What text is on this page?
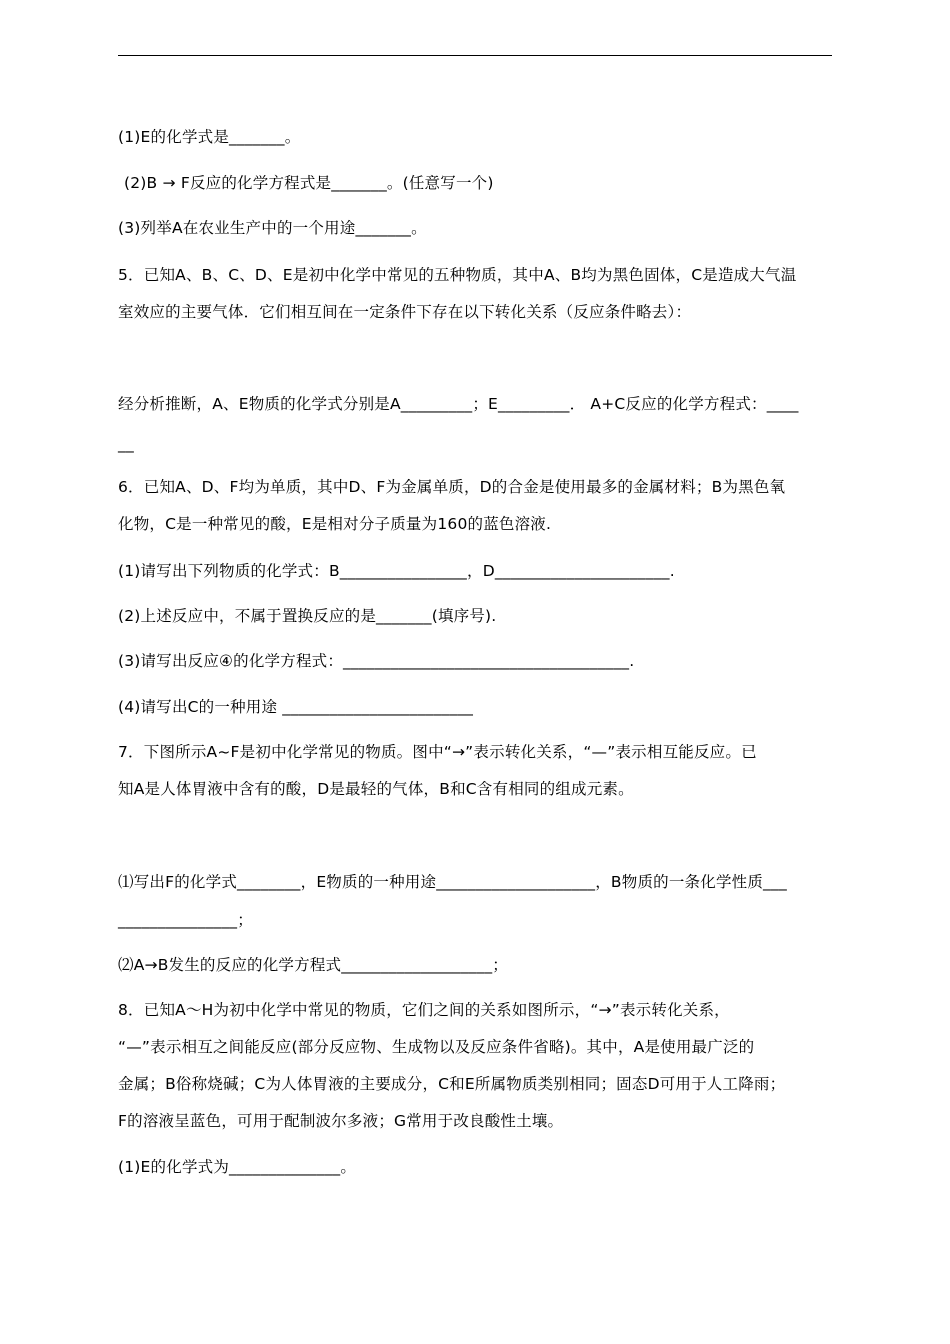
(1)E的化学式是_______。
(2)B → F反应的化学方程式是_______。(任意写一个)
(3)列举A在农业生产中的一个用途_______。
5．已知A、B、C、D、E是初中化学中常见的五种物质，其中A、B均为黑色固体，C是造成大气温
室效应的主要气体．它们相互间在一定条件下存在以下转化关系（反应条件略去）：
经分析推断，A、E物质的化学式分别是A_________；E_________． A+C反应的化学方程式：____
__
6．已知A、D、F均为单质，其中D、F为金属单质，D的合金是使用最多的金属材料；B为黑色氧
化物，C是一种常见的酸，E是相对分子质量为160的蓝色溶液.
(1)请写出下列物质的化学式：B________________，D______________________.
(2)上述反应中，不属于置换反应的是_______(填序号).
(3)请写出反应④的化学方程式：____________________________________.
(4)请写出C的一种用途 ________________________
7．下图所示A~F是初中化学常见的物质。图中“→”表示转化关系，“—”表示相互能反应。已
知A是人体胃液中含有的酸，D是最轻的气体，B和C含有相同的组成元素。
⑴写出F的化学式________，E物质的一种用途____________________，B物质的一条化学性质___
_______________；
⑵A→B发生的反应的化学方程式___________________；
8．已知A～H为初中化学中常见的物质，它们之间的关系如图所示，“→”表示转化关系，
“—”表示相互之间能反应(部分反应物、生成物以及反应条件省略)。其中，A是使用最广泛的
金属；B俗称烧碱；C为人体胃液的主要成分，C和E所属物质类别相同；固态D可用于人工降雨；
F的溶液呈蓝色，可用于配制波尔多液；G常用于改良酸性土壤。
(1)E的化学式为______________。
